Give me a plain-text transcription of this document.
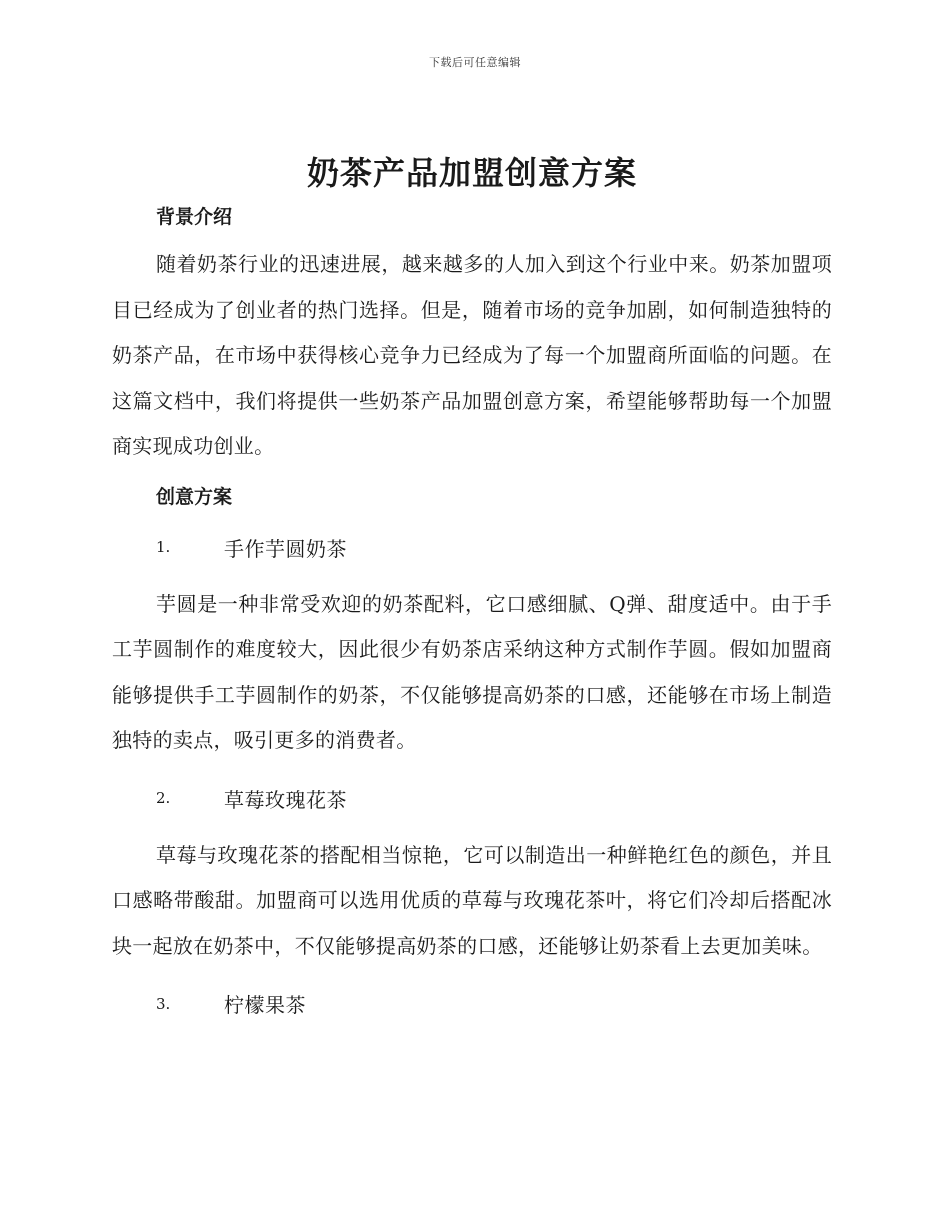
下载后可任意编辑
奶茶产品加盟创意方案
背景介绍

随着奶茶行业的迅速进展，越来越多的人加入到这个行业中来。奶茶加盟项目已经成为了创业者的热门选择。但是，随着市场的竞争加剧，如何制造独特的奶茶产品，在市场中获得核心竞争力已经成为了每一个加盟商所面临的问题。在这篇文档中，我们将提供一些奶茶产品加盟创意方案，希望能够帮助每一个加盟商实现成功创业。

创意方案
1.	手作芋圆奶茶

芋圆是一种非常受欢迎的奶茶配料，它口感细腻、Q弹、甜度适中。由于手工芋圆制作的难度较大，因此很少有奶茶店采纳这种方式制作芋圆。假如加盟商能够提供手工芋圆制作的奶茶，不仅能够提高奶茶的口感，还能够在市场上制造独特的卖点，吸引更多的消费者。

2.	草莓玫瑰花茶

草莓与玫瑰花茶的搭配相当惊艳，它可以制造出一种鲜艳红色的颜色，并且口感略带酸甜。加盟商可以选用优质的草莓与玫瑰花茶叶，将它们冷却后搭配冰块一起放在奶茶中，不仅能够提高奶茶的口感，还能够让奶茶看上去更加美味。

3.	柠檬果茶
